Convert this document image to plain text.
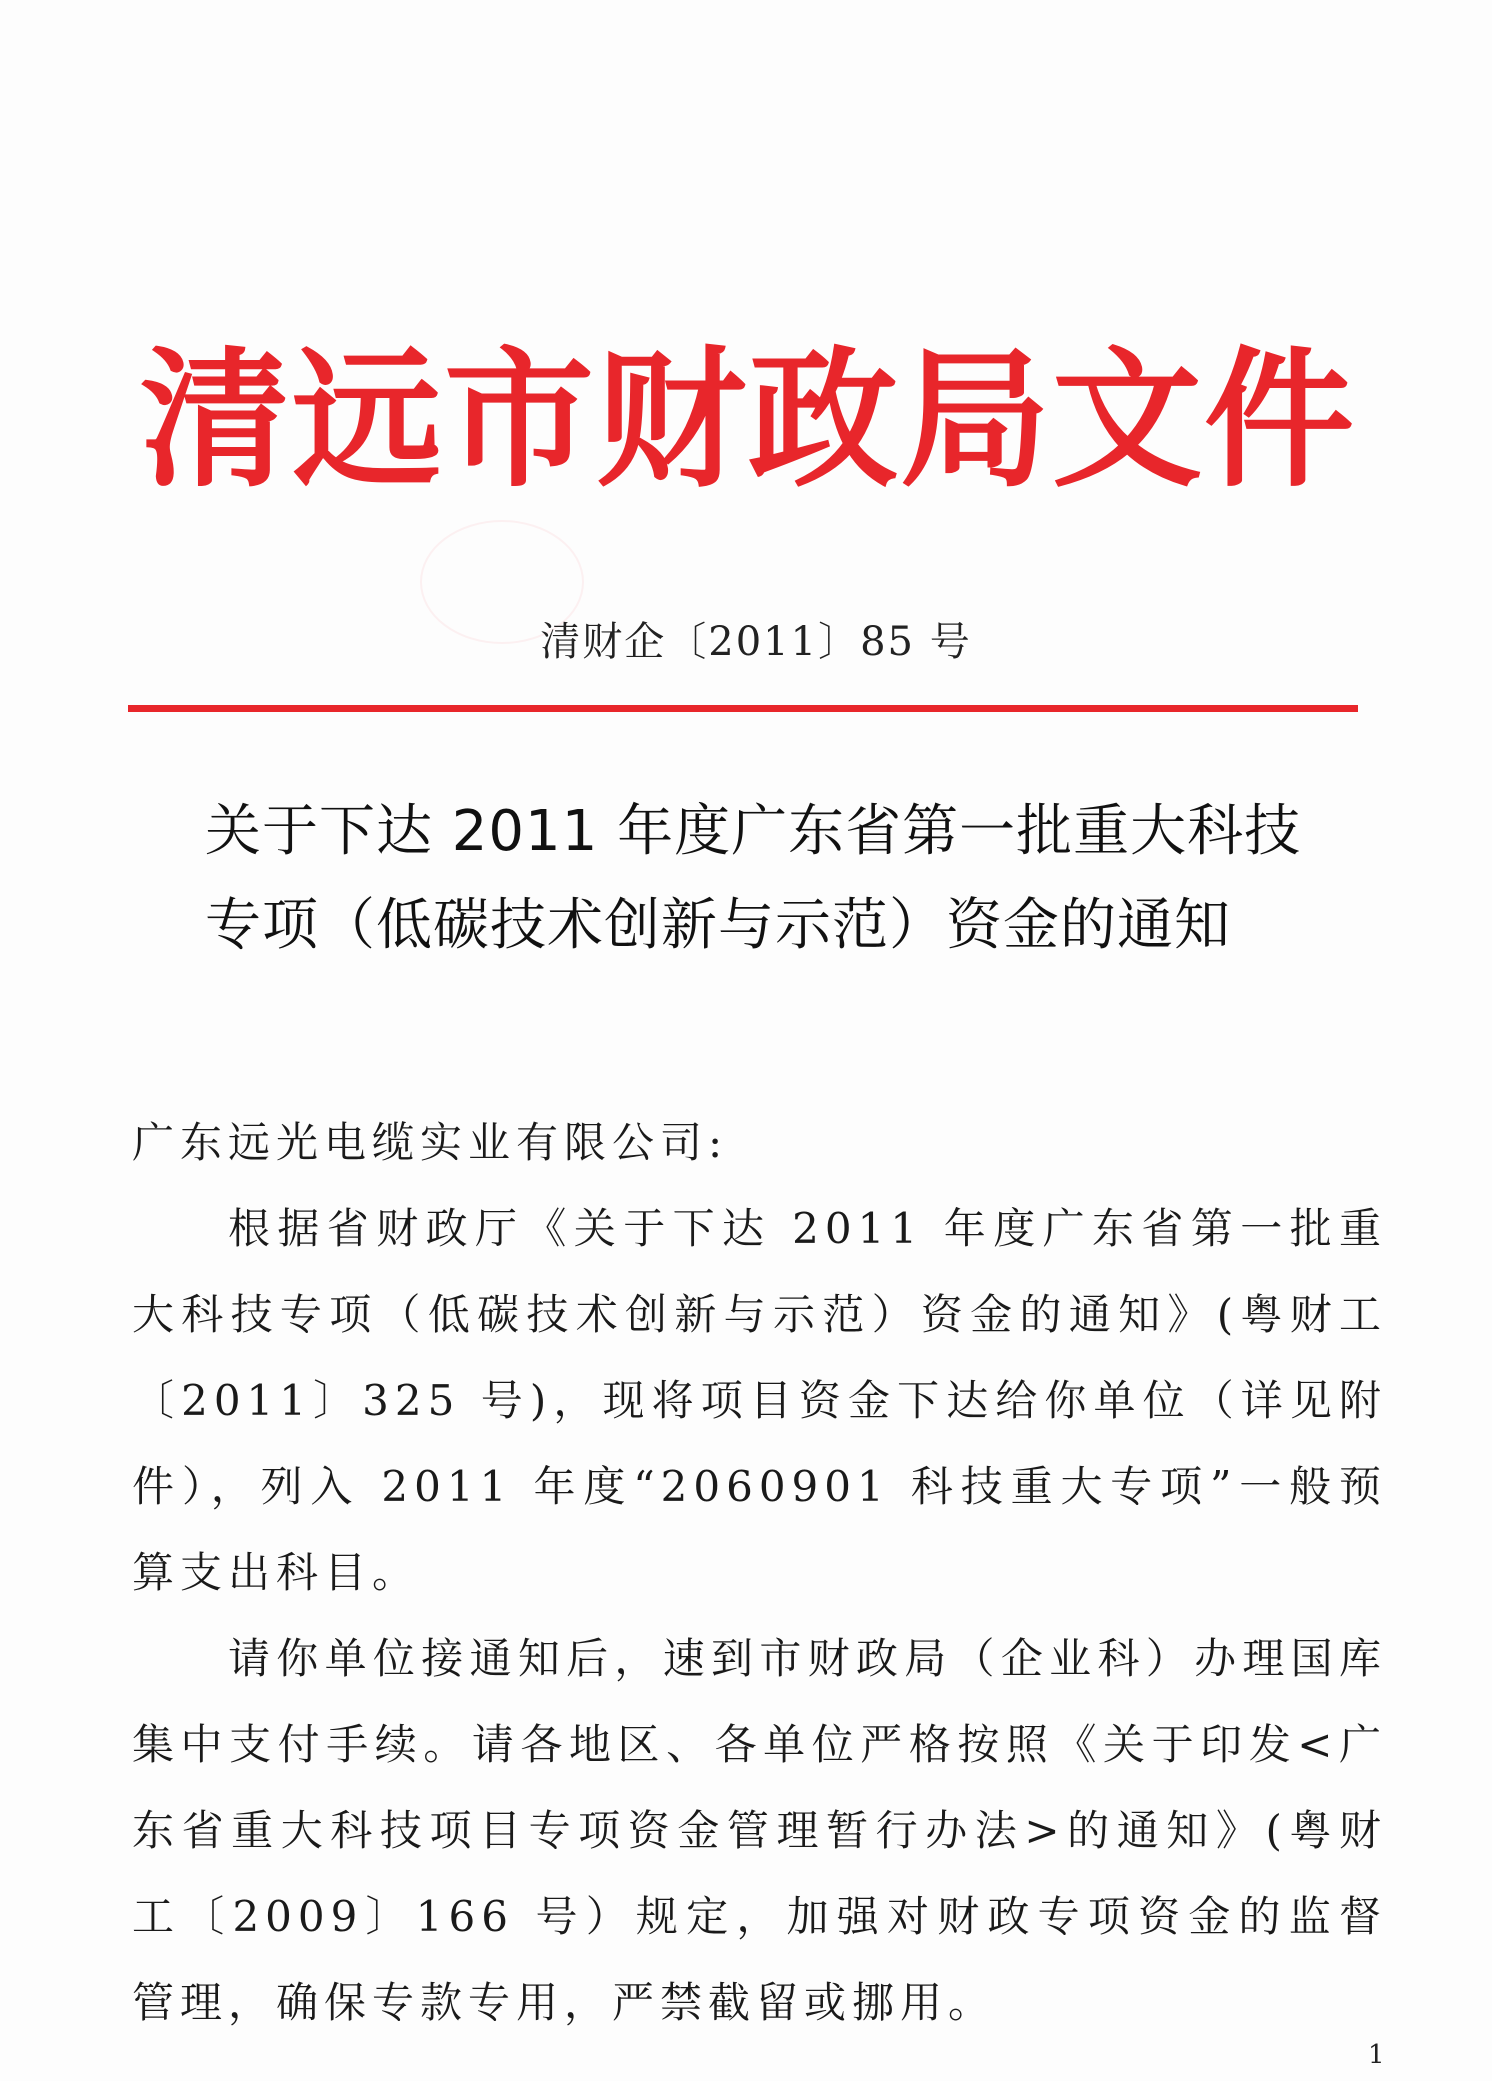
清远市财政局文件
清财企〔2011〕85 号
关于下达 2011 年度广东省第一批重大科技
专项（低碳技术创新与示范）资金的通知

广东远光电缆实业有限公司:

根据省财政厅《关于下达 2011 年度广东省第一批重大科技专项（低碳技术创新与示范）资金的通知》(粤财工〔2011〕325 号)，现将项目资金下达给你单位（详见附件），列入 2011 年度“2060901 科技重大专项”一般预算支出科目。

请你单位接通知后，速到市财政局（企业科）办理国库集中支付手续。请各地区、各单位严格按照《关于印发<广东省重大科技项目专项资金管理暂行办法>的通知》(粤财工〔2009〕166 号）规定，加强对财政专项资金的监督管理，确保专款专用，严禁截留或挪用。

1
